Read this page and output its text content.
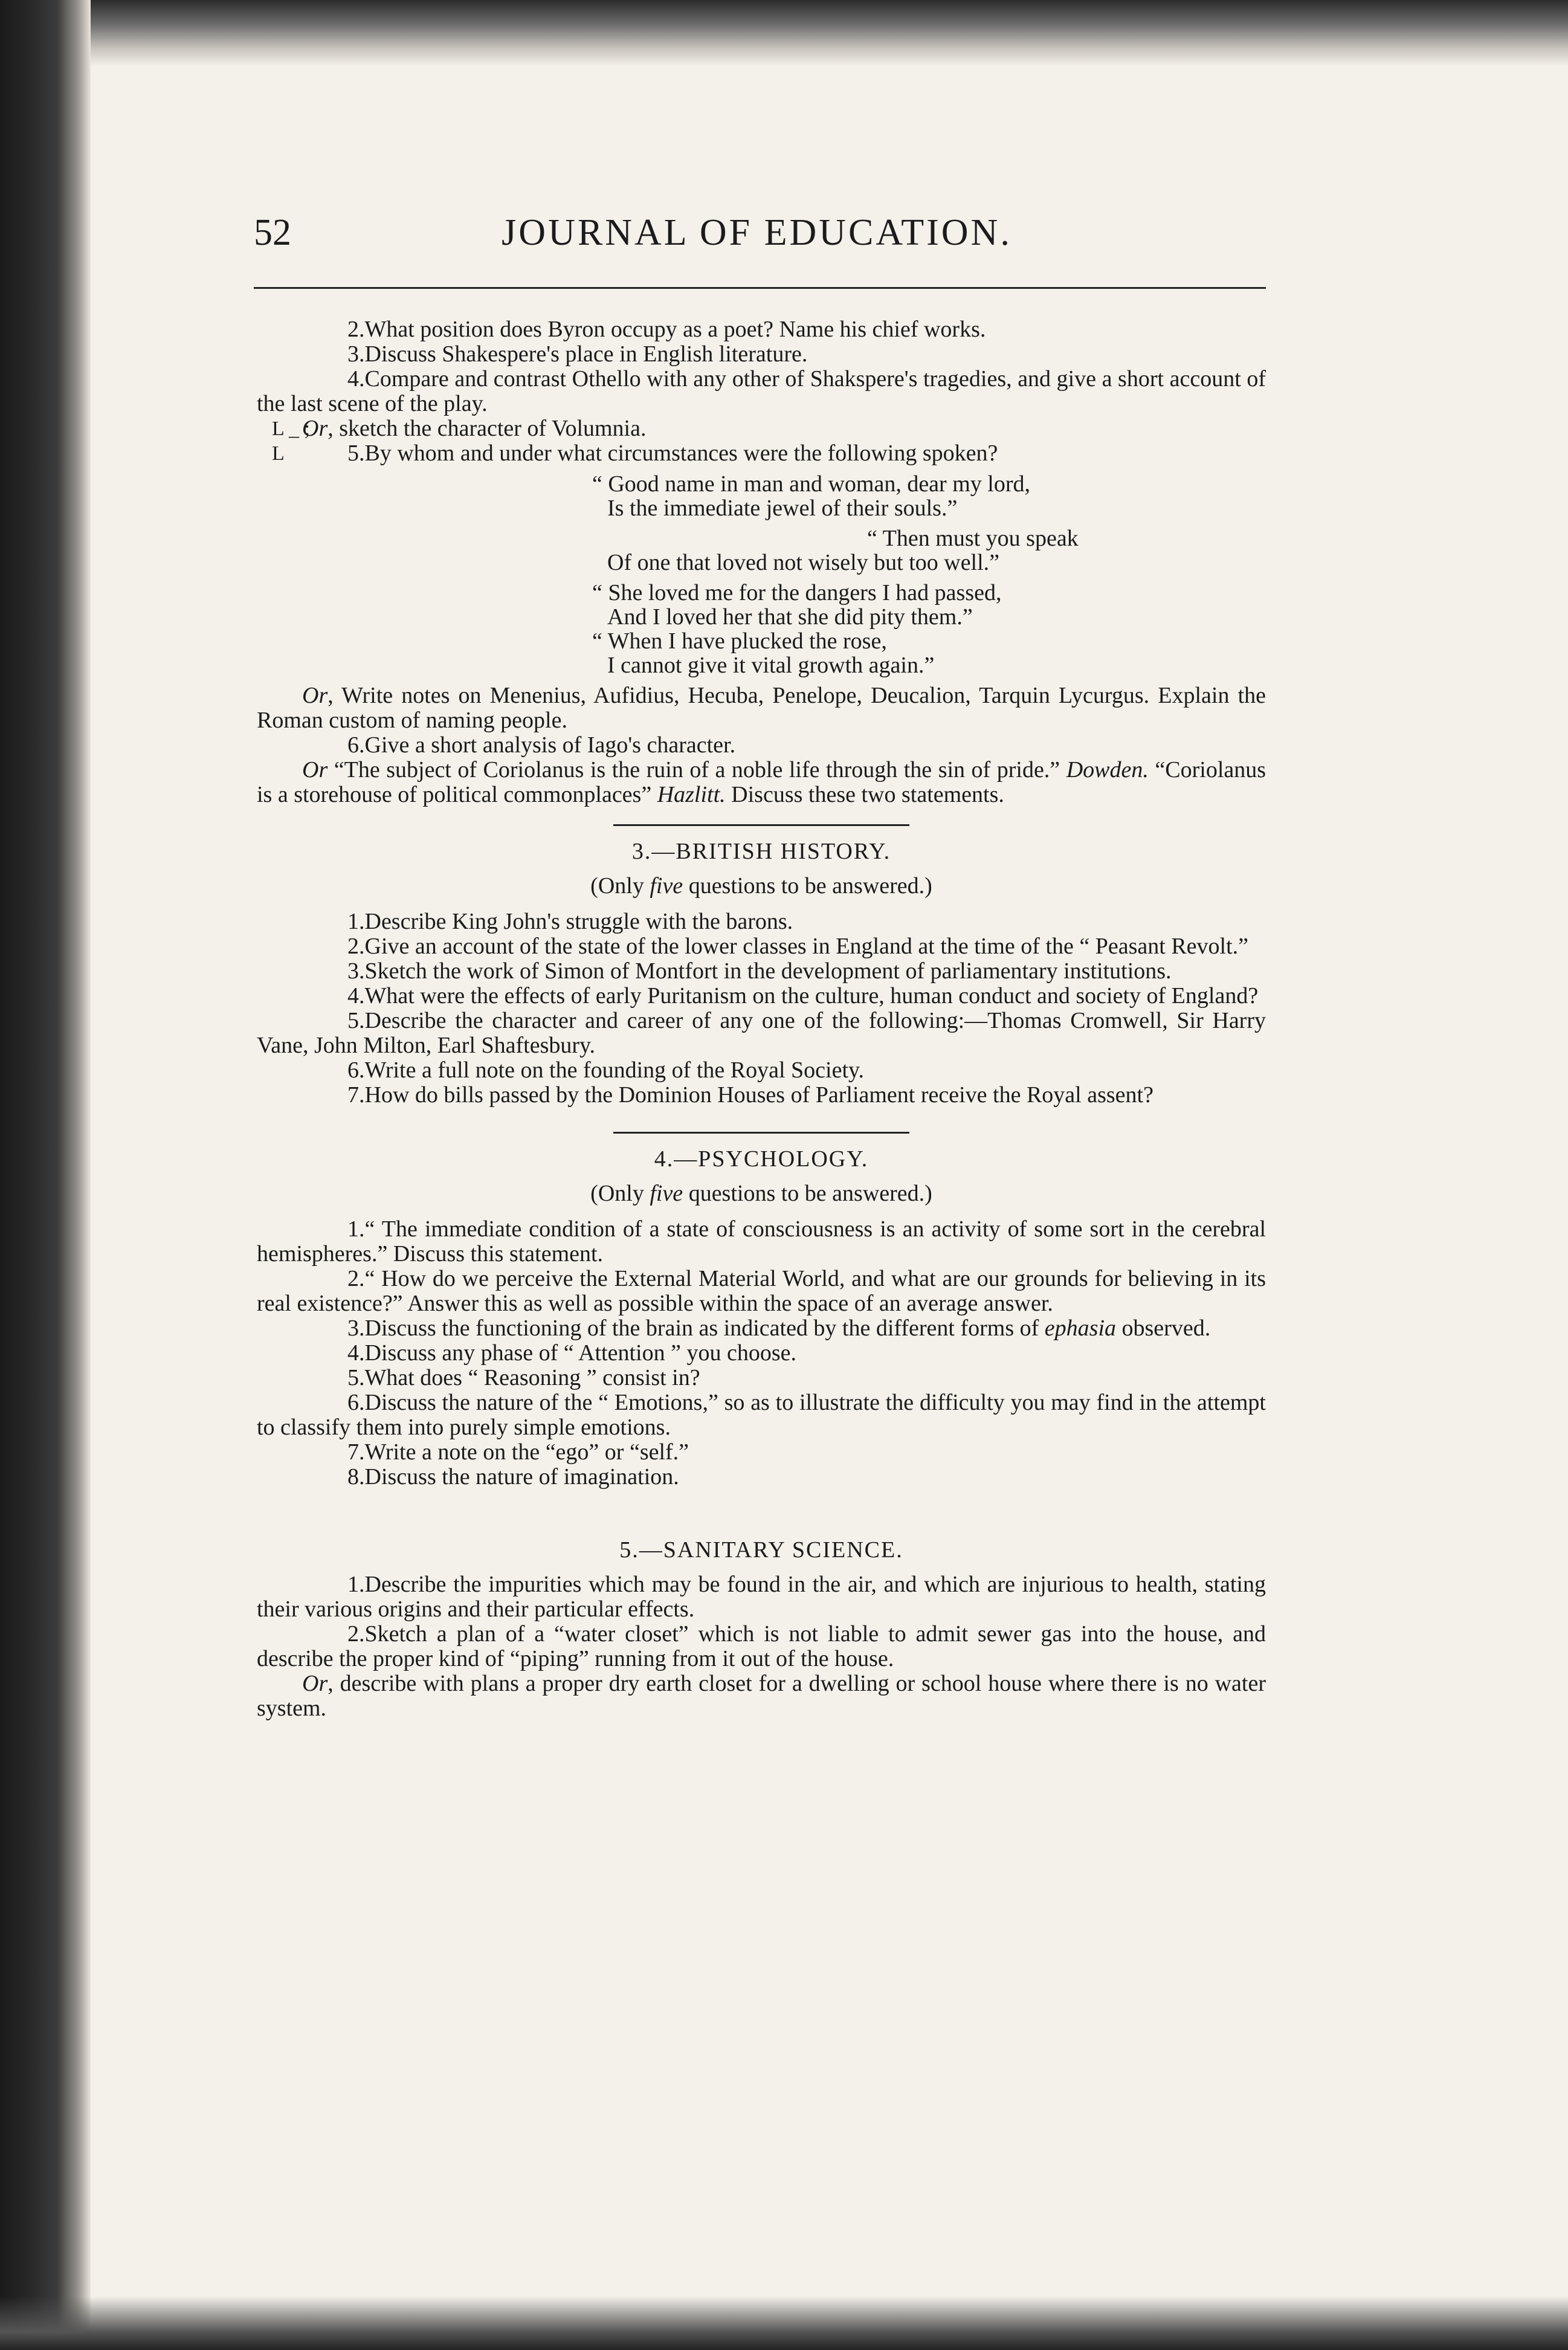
52	JOURNAL OF EDUCATION.

2.What position does Byron occupy as a poet? Name his chief works.

3.Discuss Shakespere's place in English literature.

4.Compare and contrast Othello with any other of Shakspere's tragedies, and give a short account of the last scene of the play.

L _ ;
Or, sketch the character of Volumnia.

L	5.By whom and under what circumstances were the following spoken?

“ Good name in man and woman, dear my lord,
Is the immediate jewel of their souls.”
“ Then must you speak
Of one that loved not wisely but too well.”
“ She loved me for the dangers I had passed,
And I loved her that she did pity them.”
“ When I have plucked the rose,
I cannot give it vital growth again.”

Or, Write notes on Menenius, Aufidius, Hecuba, Penelope, Deucalion, Tarquin Lycurgus. Explain the Roman custom of naming people.

6.Give a short analysis of Iago's character.

Or “The subject of Coriolanus is the ruin of a noble life through the sin of pride.” Dowden. “Coriolanus is a storehouse of political commonplaces” Hazlitt. Discuss these two statements.

3.—BRITISH HISTORY.
(Only five questions to be answered.)

1.Describe King John's struggle with the barons.

2.Give an account of the state of the lower classes in England at the time of the “ Peasant Revolt.”

3.Sketch the work of Simon of Montfort in the development of parliamentary institutions.

4.What were the effects of early Puritanism on the culture, human conduct and society of England?

5.Describe the character and career of any one of the following:—Thomas Cromwell, Sir Harry Vane, John Milton, Earl Shaftesbury.

6.Write a full note on the founding of the Royal Society.

7.How do bills passed by the Dominion Houses of Parliament receive the Royal assent?

4.—PSYCHOLOGY.
(Only five questions to be answered.)

1.“ The immediate condition of a state of consciousness is an activity of some sort in the cerebral hemispheres.” Discuss this statement.

2.“ How do we perceive the External Material World, and what are our grounds for believing in its real existence?” Answer this as well as possible within the space of an average answer.

3.Discuss the functioning of the brain as indicated by the different forms of ephasia observed.

4.Discuss any phase of “ Attention ” you choose.

5.What does “ Reasoning ” consist in?

6.Discuss the nature of the “ Emotions,” so as to illustrate the difficulty you may find in the attempt to classify them into purely simple emotions.

7.Write a note on the “ego” or “self.”

8.Discuss the nature of imagination.

5.—SANITARY SCIENCE.

1.Describe the impurities which may be found in the air, and which are injurious to health, stating their various origins and their particular effects.

2.Sketch a plan of a “water closet” which is not liable to admit sewer gas into the house, and describe the proper kind of “piping” running from it out of the house.

Or, describe with plans a proper dry earth closet for a dwelling or school house where there is no water system.
